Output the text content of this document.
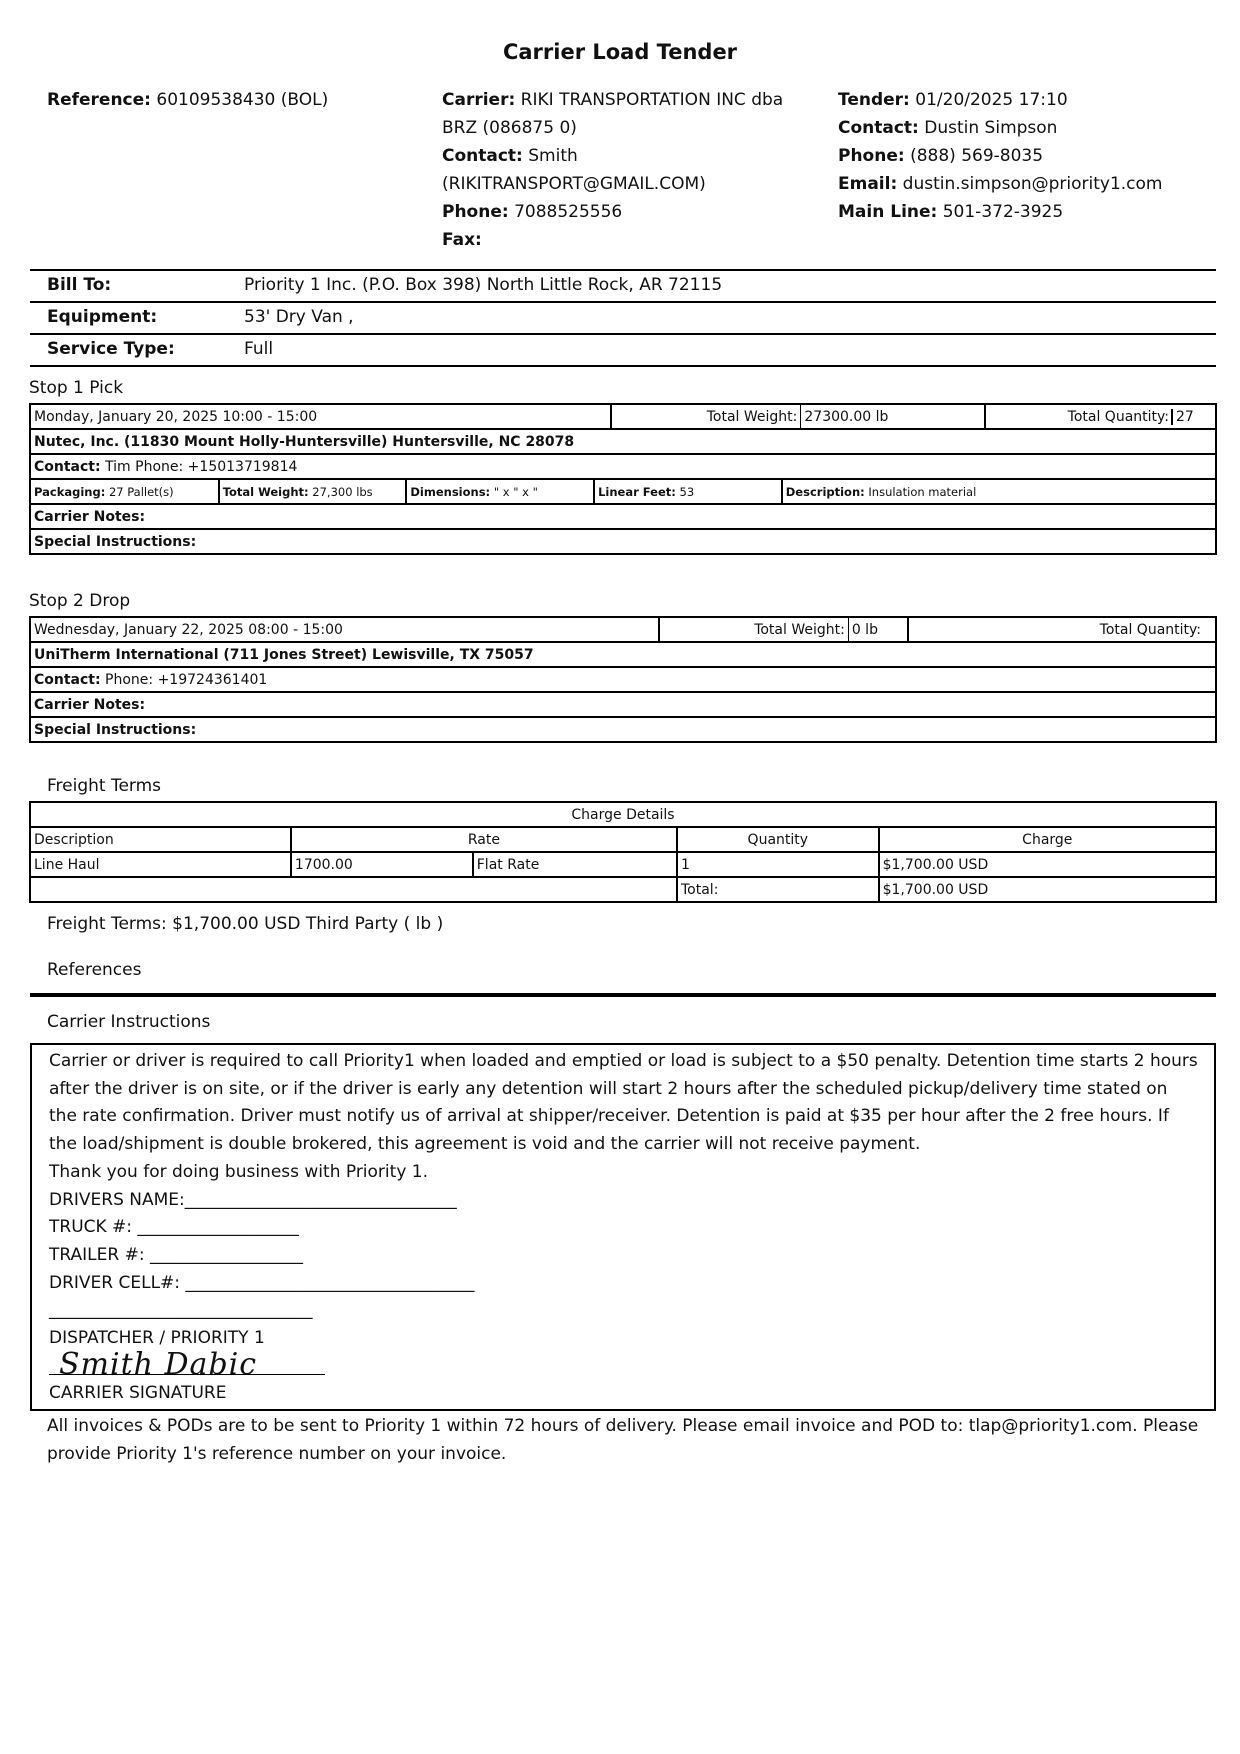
Carrier Load Tender
Reference: 60109538430 (BOL)	Carrier: RIKI TRANSPORTATION INC dba
BRZ (086875 0)
Contact: Smith
(RIKITRANSPORT@GMAIL.COM)
Phone: 7088525556
Fax:
Tender: 01/20/2025 17:10
Contact: Dustin Simpson
Phone: (888) 569-8035
Email: dustin.simpson@priority1.com
Main Line: 501-372-3925
Bill To:	Priority 1 Inc. (P.O. Box 398) North Little Rock, AR 72115
Equipment:	53' Dry Van ,
Service Type:	Full
Stop 1 Pick
Monday, January 20, 2025 10:00 - 15:00	Total Weight:	27300.00 lb	Total Quantity: 27
Nutec, Inc. (11830 Mount Holly-Huntersville) Huntersville, NC 28078
Contact: Tim Phone: +15013719814

Packaging: 27 Pallet(s)	Total Weight: 27,300 lbs	Dimensions: " x " x "	Linear Feet: 53	Description: Insulation material

Carrier Notes:
Special Instructions:
Stop 2 Drop
Wednesday, January 22, 2025 08:00 - 15:00	Total Weight:	0 lb	Total Quantity:
UniTherm International (711 Jones Street) Lewisville, TX 75057
Contact: Phone: +19724361401
Carrier Notes:
Special Instructions:
Freight Terms
Charge Details				
Description	Rate		Quantity	Charge
Line Haul	1700.00	Flat Rate	1	$1,700.00 USD
			Total:	$1,700.00 USD
Freight Terms: $1,700.00 USD Third Party ( lb )
References
Carrier Instructions
Carrier or driver is required to call Priority1 when loaded and emptied or load is subject to a $50 penalty. Detention time starts 2 hours after the driver is on site, or if the driver is early any detention will start 2 hours after the scheduled pickup/delivery time stated on the rate confirmation. Driver must notify us of arrival at shipper/receiver. Detention is paid at $35 per hour after the 2 free hours. If the load/shipment is double brokered, this agreement is void and the carrier will not receive payment.
Thank you for doing business with Priority 1.
DRIVERS NAME:________________________________
TRUCK #: ___________________
TRAILER #: __________________
DRIVER CELL#: __________________________________
_______________________________
DISPATCHER / PRIORITY 1
CARRIER SIGNATURE
Smith Dabic
All invoices & PODs are to be sent to Priority 1 within 72 hours of delivery. Please email invoice and POD to: tlap@priority1.com. Please provide Priority 1's reference number on your invoice.
